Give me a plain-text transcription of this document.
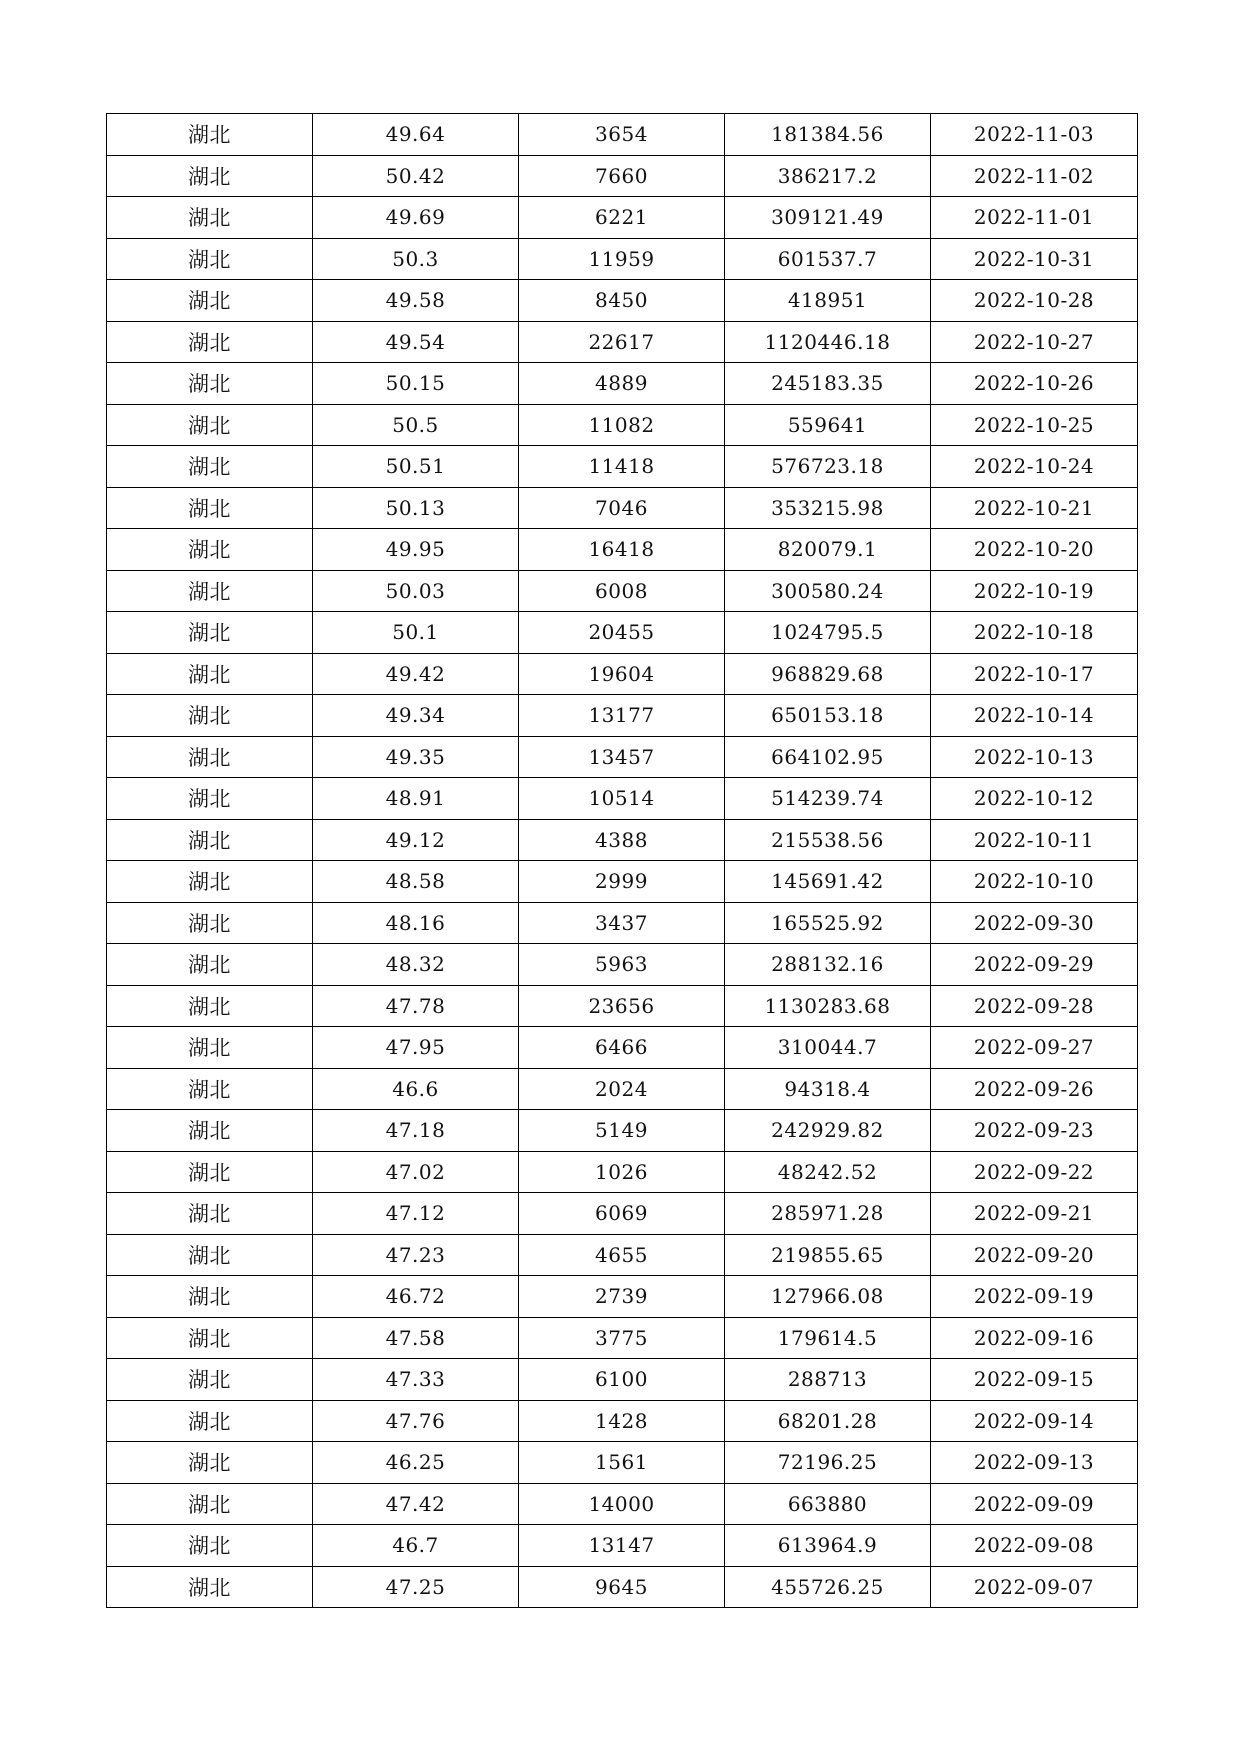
湖北	49.64	3654	181384.56	2022-11-03
湖北	50.42	7660	386217.2	2022-11-02
湖北	49.69	6221	309121.49	2022-11-01
湖北	50.3	11959	601537.7	2022-10-31
湖北	49.58	8450	418951	2022-10-28
湖北	49.54	22617	1120446.18	2022-10-27
湖北	50.15	4889	245183.35	2022-10-26
湖北	50.5	11082	559641	2022-10-25
湖北	50.51	11418	576723.18	2022-10-24
湖北	50.13	7046	353215.98	2022-10-21
湖北	49.95	16418	820079.1	2022-10-20
湖北	50.03	6008	300580.24	2022-10-19
湖北	50.1	20455	1024795.5	2022-10-18
湖北	49.42	19604	968829.68	2022-10-17
湖北	49.34	13177	650153.18	2022-10-14
湖北	49.35	13457	664102.95	2022-10-13
湖北	48.91	10514	514239.74	2022-10-12
湖北	49.12	4388	215538.56	2022-10-11
湖北	48.58	2999	145691.42	2022-10-10
湖北	48.16	3437	165525.92	2022-09-30
湖北	48.32	5963	288132.16	2022-09-29
湖北	47.78	23656	1130283.68	2022-09-28
湖北	47.95	6466	310044.7	2022-09-27
湖北	46.6	2024	94318.4	2022-09-26
湖北	47.18	5149	242929.82	2022-09-23
湖北	47.02	1026	48242.52	2022-09-22
湖北	47.12	6069	285971.28	2022-09-21
湖北	47.23	4655	219855.65	2022-09-20
湖北	46.72	2739	127966.08	2022-09-19
湖北	47.58	3775	179614.5	2022-09-16
湖北	47.33	6100	288713	2022-09-15
湖北	47.76	1428	68201.28	2022-09-14
湖北	46.25	1561	72196.25	2022-09-13
湖北	47.42	14000	663880	2022-09-09
湖北	46.7	13147	613964.9	2022-09-08
湖北	47.25	9645	455726.25	2022-09-07
